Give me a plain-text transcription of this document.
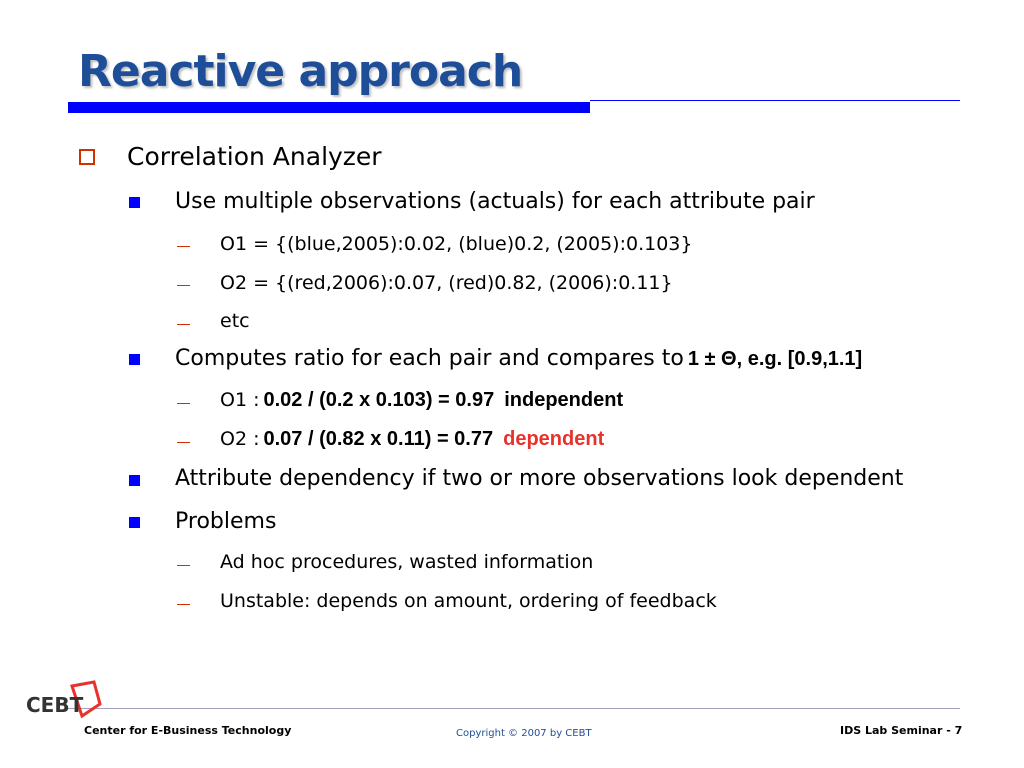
Reactive approach
Correlation Analyzer
Use multiple observations (actuals) for each attribute pair
O1 = {(blue,2005):0.02, (blue)0.2, (2005):0.103}
O2 = {(red,2006):0.07, (red)0.82, (2006):0.11}
etc
Computes ratio for each pair and compares to 1 ± Θ, e.g. [0.9,1.1]
O1 : 0.02 / (0.2 x 0.103) = 0.97 independent
O2 : 0.07 / (0.82 x 0.11) = 0.77 dependent
Attribute dependency if two or more observations look dependent
Problems
Ad hoc procedures, wasted information
Unstable: depends on amount, ordering of feedback
CEBT
Center for E-Business Technology	Copyright © 2007 by CEBT	IDS Lab Seminar - 7
